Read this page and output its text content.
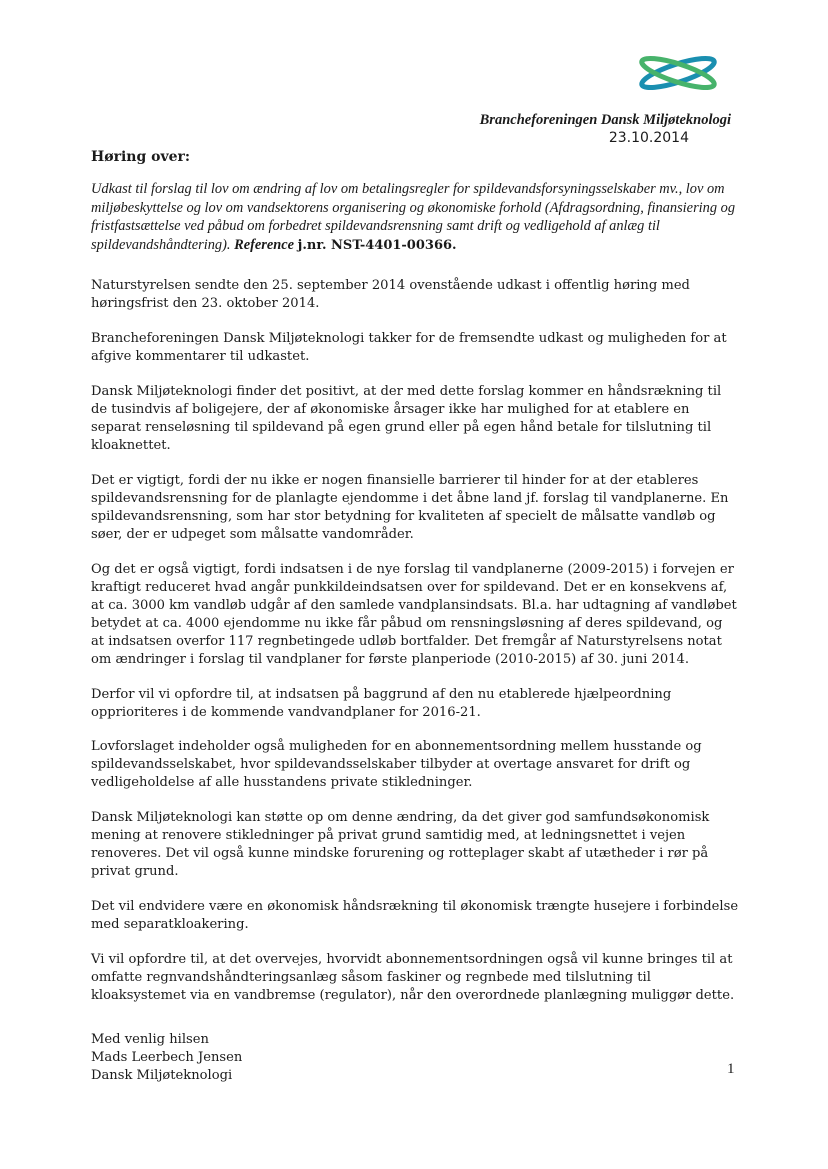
Brancheforeningen Dansk Miljøteknologi
23.10.2014
Høring over:

Udkast til forslag til lov om ændring af lov om betalingsregler for spildevandsforsyningsselskaber mv., lov om miljøbeskyttelse og lov om vandsektorens organisering og økonomiske forhold (Afdragsordning, finansiering og fristfastsættelse ved påbud om forbedret spildevandsrensning samt drift og vedligehold af anlæg til spildevandshåndtering). Reference j.nr. NST-4401-00366.

Naturstyrelsen sendte den 25. september 2014 ovenstående udkast i offentlig høring med høringsfrist den 23. oktober 2014.

Brancheforeningen Dansk Miljøteknologi takker for de fremsendte udkast og muligheden for at afgive kommentarer til udkastet.

Dansk Miljøteknologi finder det positivt, at der med dette forslag kommer en håndsrækning til de tusindvis af boligejere, der af økonomiske årsager ikke har mulighed for at etablere en separat renseløsning til spildevand på egen grund eller på egen hånd betale for tilslutning til kloaknettet.

Det er vigtigt, fordi der nu ikke er nogen finansielle barrierer til hinder for at der etableres spildevandsrensning for de planlagte ejendomme i det åbne land jf. forslag til vandplanerne. En spildevandsrensning, som har stor betydning for kvaliteten af specielt de målsatte vandløb og søer, der er udpeget som målsatte vandområder.

Og det er også vigtigt, fordi indsatsen i de nye forslag til vandplanerne (2009-2015) i forvejen er kraftigt reduceret hvad angår punkkildeindsatsen over for spildevand. Det er en konsekvens af, at ca. 3000 km vandløb udgår af den samlede vandplansindsats. Bl.a. har udtagning af vandløbet betydet at ca. 4000 ejendomme nu ikke får påbud om rensningsløsning af deres spildevand, og at indsatsen overfor 117 regnbetingede udløb bortfalder. Det fremgår af Naturstyrelsens notat om ændringer i forslag til vandplaner for første planperiode (2010-2015) af 30. juni 2014.

Derfor vil vi opfordre til, at indsatsen på baggrund af den nu etablerede hjælpeordning opprioriteres i de kommende vandvandplaner for 2016-21.

Lovforslaget indeholder også muligheden for en abonnementsordning mellem husstande og spildevandsselskabet, hvor spildevandsselskaber tilbyder at overtage ansvaret for drift og vedligeholdelse af alle husstandens private stikledninger.

Dansk Miljøteknologi kan støtte op om denne ændring, da det giver god samfundsøkonomisk mening at renovere stikledninger på privat grund samtidig med, at ledningsnettet i vejen renoveres. Det vil også kunne mindske forurening og rotteplager skabt af utætheder i rør på privat grund.

Det vil endvidere være en økonomisk håndsrækning til økonomisk trængte husejere i forbindelse med separatkloakering.

Vi vil opfordre til, at det overvejes, hvorvidt abonnementsordningen også vil kunne bringes til at omfatte regnvandshåndteringsanlæg såsom faskiner og regnbede med tilslutning til kloaksystemet via en vandbremse (regulator), når den overordnede planlægning muliggør dette.

Med venlig hilsen
Mads Leerbech Jensen
Dansk Miljøteknologi	1
